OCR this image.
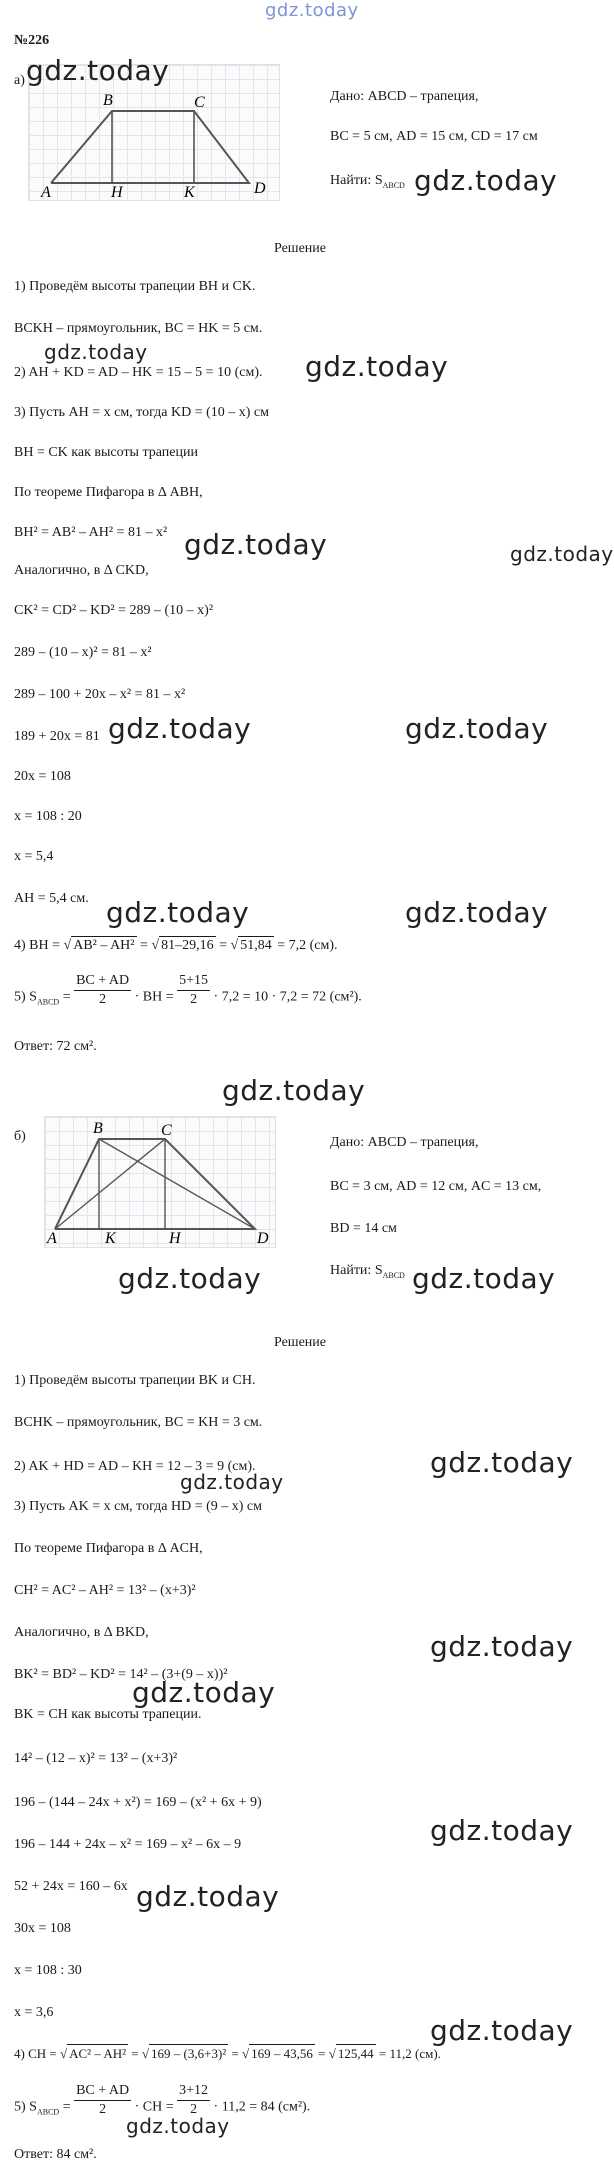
gdz.today
№226
а)
B	C
A	H	K	D
gdz.today
Дано: ABCD – трапеция,
BC = 5 см, AD = 15 см, CD = 17 см
Найти: $S_{ABCD}$ gdz.today
Решение
1) Проведём высоты трапеции BH и CK.
BCKH – прямоугольник, BC = HK = 5 см.
gdz.today
2) AH + KD = AD – HK = 15 – 5 = 10 (см). gdz.today
3) Пусть AH = x см, тогда KD = (10 – x) см
BH = CK как высоты трапеции
По теореме Пифагора в Δ ABH,
BH² = AB² – AH² = 81 – x² gdz.today	gdz.today
Аналогично, в Δ CKD,
CK² = CD² – KD² = 289 – (10 – x)²
289 – (10 – x)² = 81 – x²
289 – 100 + 20x – x² = 81 – x²
189 + 20x = 81 gdz.today	gdz.today
20x = 108
x = 108 : 20
x = 5,4
AH = 5,4 см. gdz.today	gdz.today
4) BH = √ AB² – AH² = √ 81–29,16 = √ 51,84 = 7,2 (см).
5) $S_{ABCD} = \frac{BC + AD}{2}$ · BH = $\frac{5+15}{2} \cdot 7,2 = 10 \cdot 7,2 = 72$ (см²).
Ответ: 72 см².
gdz.today
б)	B	C
A	K	H	D
Дано: ABCD – трапеция,
BC = 3 см, AD = 12 см, AC = 13 см,
BD = 14 см
Найти: $S_{ABCD}$
gdz.today	gdz.today
Решение
1) Проведём высоты трапеции BK и CH.
BCHK – прямоугольник, BC = KH = 3 см.
2) AK + HD = AD – KH = 12 – 3 = 9 (см).	gdz.today
gdz.today
3) Пусть AK = x см, тогда HD = (9 – x) см
По теореме Пифагора в Δ ACH,
CH² = AC² – AH² = 13² – (x+3)²
Аналогично, в Δ BKD,	gdz.today
BK² = BD² – KD² = 14² – (3+(9 – x))²
gdz.today
BK = CH как высоты трапеции.
14² – (12 – x)² = 13² – (x+3)²
196 – (144 – 24x + x²) = 169 – (x² + 6x + 9)
196 – 144 + 24x – x² = 169 – x² – 6x – 9	gdz.today
52 + 24x = 160 – 6x gdz.today
30x = 108
x = 108 : 30
x = 3,6
gdz.today
4) CH = √ AC² – AH² = √ 169 – (3,6+3)² = √ 169 – 43,56 = √ 125,44 = 11,2 (см).
5) $S_{ABCD} = \frac{BC + AD}{2}$ · CH = $\frac{3+12}{2} \cdot 11,2 = 84$ (см²).
gdz.today
Ответ: 84 см².
